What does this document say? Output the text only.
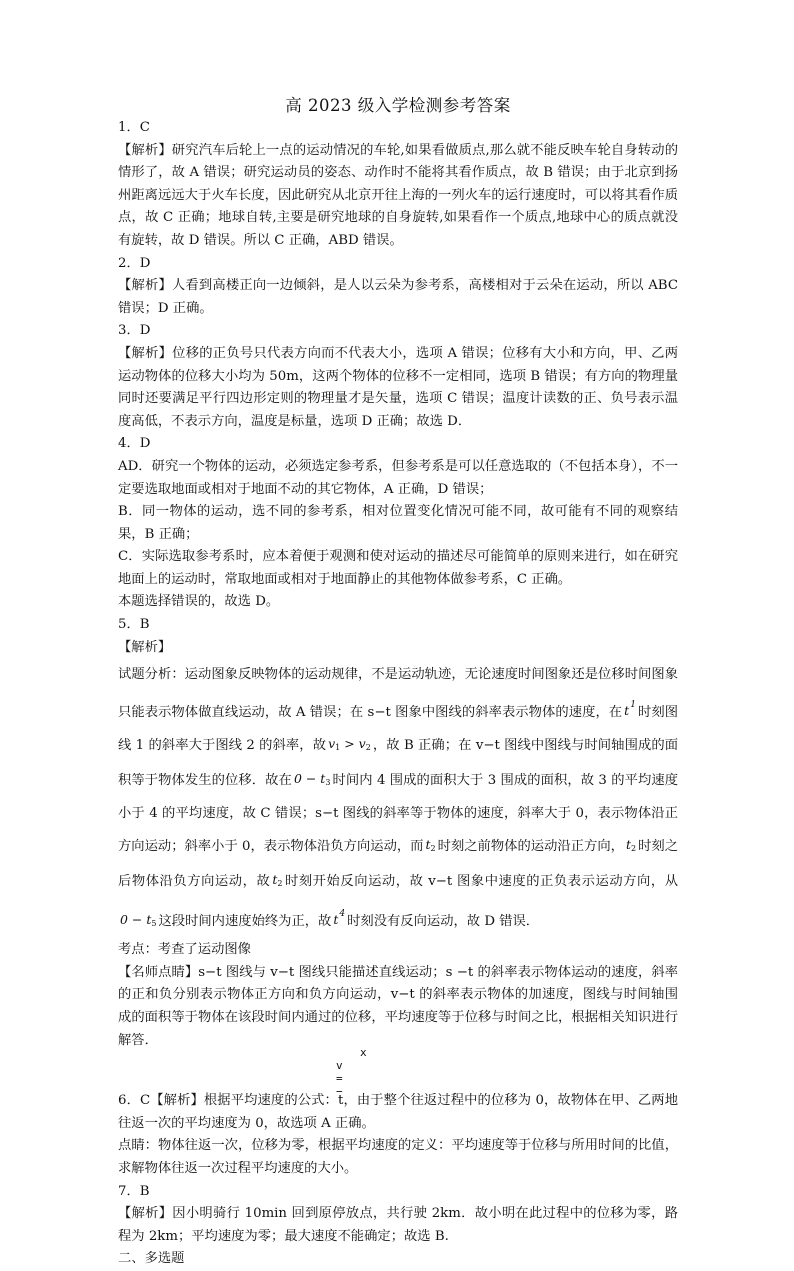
高 2023 级入学检测参考答案

1．C

【解析】研究汽车后轮上一点的运动情况的车轮,如果看做质点,那么就不能反映车轮自身转动的情形了，故 A 错误；研究运动员的姿态、动作时不能将其看作质点，故 B 错误；由于北京到扬州距离远远大于火车长度，因此研究从北京开往上海的一列火车的运行速度时，可以将其看作质点，故 C 正确；地球自转,主要是研究地球的自身旋转,如果看作一个质点,地球中心的质点就没有旋转，故 D 错误。所以 C 正确，ABD 错误。

2．D

【解析】人看到高楼正向一边倾斜，是人以云朵为参考系，高楼相对于云朵在运动，所以 ABC 错误；D 正确。

3．D

【解析】位移的正负号只代表方向而不代表大小，选项 A 错误；位移有大小和方向，甲、乙两运动物体的位移大小均为 50m，这两个物体的位移不一定相同，选项 B 错误；有方向的物理量同时还要满足平行四边形定则的物理量才是矢量，选项 C 错误；温度计读数的正、负号表示温度高低，不表示方向，温度是标量，选项 D 正确；故选 D．

4．D

AD．研究一个物体的运动，必须选定参考系，但参考系是可以任意选取的（不包括本身），不一定要选取地面或相对于地面不动的其它物体，A 正确，D 错误；

B．同一物体的运动，选不同的参考系，相对位置变化情况可能不同，故可能有不同的观察结果，B 正确；

C．实际选取参考系时，应本着便于观测和使对运动的描述尽可能简单的原则来进行，如在研究地面上的运动时，常取地面或相对于地面静止的其他物体做参考系，C 正确。

本题选择错误的，故选 D。

5．B

【解析】

试题分析：运动图象反映物体的运动规律，不是运动轨迹，无论速度时间图象还是位移时间图象只能表示物体做直线运动，故 A 错误；在 s−t 图象中图线的斜率表示物体的速度，在 $t^1$ 时刻图线 1 的斜率大于图线 2 的斜率，故 $v_1 > v_2$ ，故 B 正确；在 v−t 图线中图线与时间轴围成的面积等于物体发生的位移．故在 $0 - t_3$ 时间内 4 围成的面积大于 3 围成的面积，故 3 的平均速度小于 4 的平均速度，故 C 错误；s−t 图线的斜率等于物体的速度，斜率大于 0，表示物体沿正方向运动；斜率小于 0，表示物体沿负方向运动，而 $t_2$ 时刻之前物体的运动沿正方向， $t_2$ 时刻之后物体沿负方向运动，故 $t_2$ 时刻开始反向运动，故 v−t 图象中速度的正负表示运动方向，从$0 - t_5$ 这段时间内速度始终为正，故 $t^4$ 时刻没有反向运动，故 D 错误．

考点：考查了运动图像

【名师点睛】s−t 图线与 v−t 图线只能描述直线运动；s −t 的斜率表示物体运动的速度，斜率的正和负分别表示物体正方向和负方向运动，v−t 的斜率表示物体的加速度，图线与时间轴围成的面积等于物体在该段时间内通过的位移，平均速度等于位移与时间之比，根据相关知识进行解答．

x
v = −

6．C【解析】根据平均速度的公式：t，由于整个往返过程中的位移为 0，故物体在甲、乙两地往返一次的平均速度为 0，故选项 A 正确。

点睛：物体往返一次，位移为零，根据平均速度的定义：平均速度等于位移与所用时间的比值，求解物体往返一次过程平均速度的大小。

7．B

【解析】因小明骑行 10min 回到原停放点，共行驶 2km．故小明在此过程中的位移为零，路程为 2km；平均速度为零；最大速度不能确定；故选 B.

二、多选题
